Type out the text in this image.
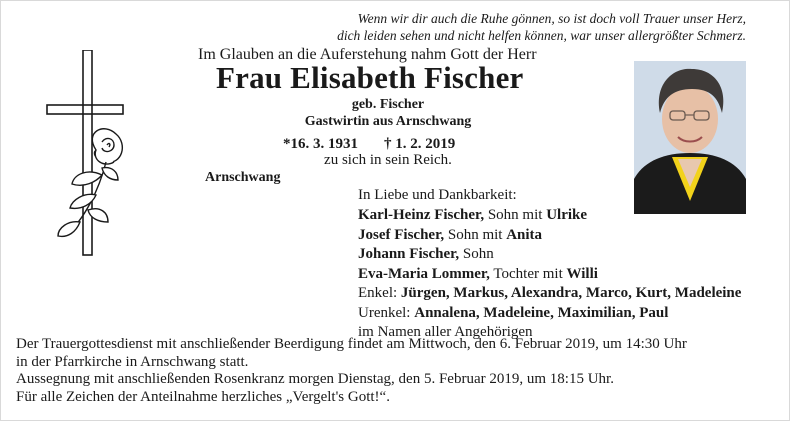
Wenn wir dir auch die Ruhe gönnen, so ist doch voll Trauer unser Herz,
dich leiden sehen und nicht helfen können, war unser allergrößter Schmerz.
Im Glauben an die Auferstehung nahm Gott der Herr
Frau Elisabeth Fischer
geb. Fischer
Gastwirtin aus Arnschwang
*16. 3. 1931 † 1. 2. 2019
zu sich in sein Reich.
Arnschwang
In Liebe und Dankbarkeit:
Karl-Heinz Fischer, Sohn mit Ulrike
Josef Fischer, Sohn mit Anita
Johann Fischer, Sohn
Eva-Maria Lommer, Tochter mit Willi
Enkel: Jürgen, Markus, Alexandra, Marco, Kurt, Madeleine
Urenkel: Annalena, Madeleine, Maximilian, Paul
im Namen aller Angehörigen

Der Trauergottesdienst mit anschließender Beerdigung findet am Mittwoch, den 6. Februar 2019, um 14:30 Uhr

in der Pfarrkirche in Arnschwang statt.

Aussegnung mit anschließenden Rosenkranz morgen Dienstag, den 5. Februar 2019, um 18:15 Uhr.

Für alle Zeichen der Anteilnahme herzliches „Vergelt's Gott!“.
